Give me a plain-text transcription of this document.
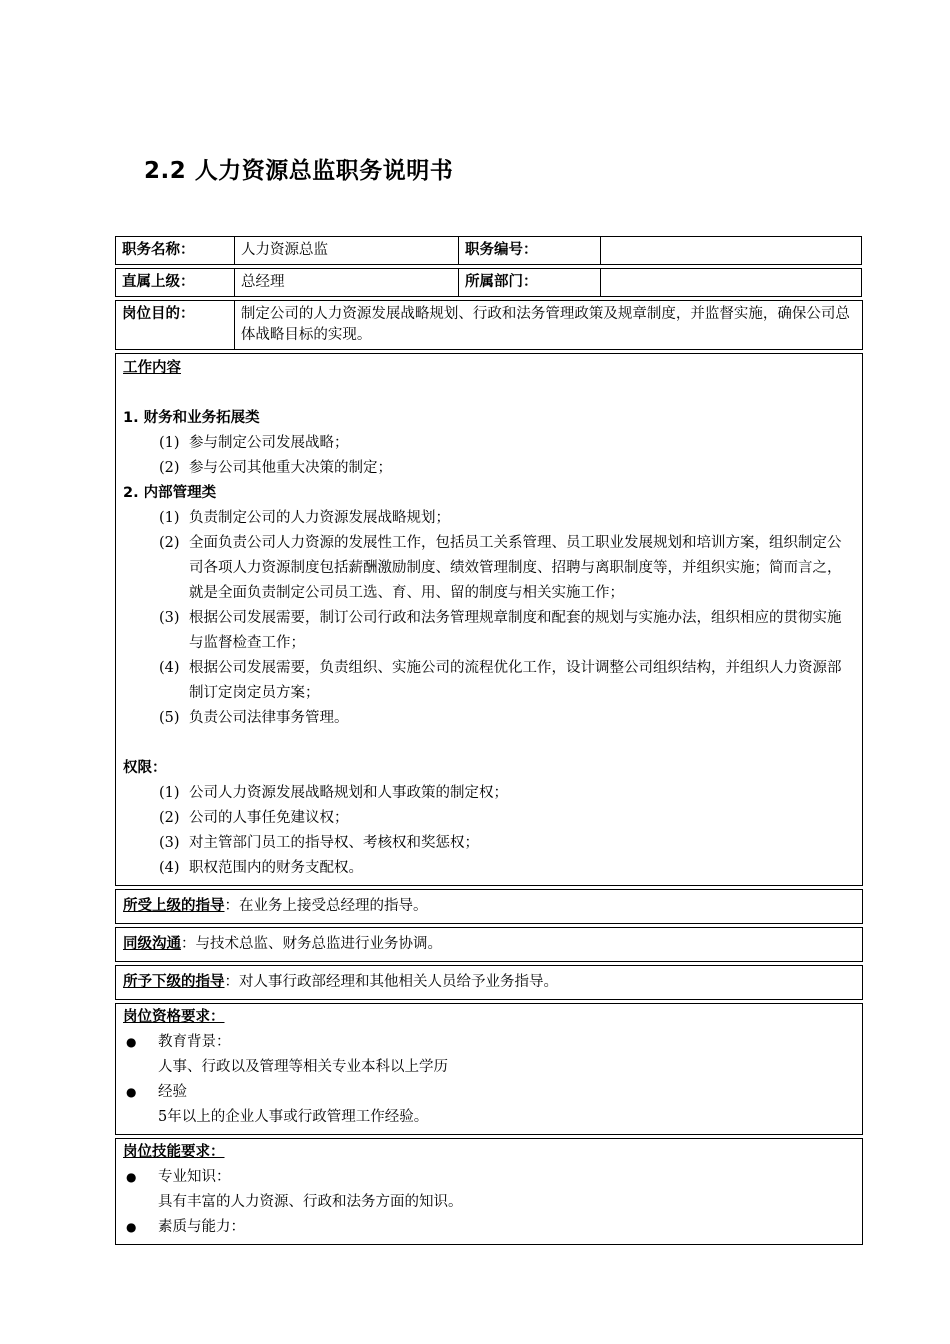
2.2 人力资源总监职务说明书
职务名称：	人力资源总监	职务编号：
直属上级：	总经理	所属部门：
岗位目的：	制定公司的人力资源发展战略规划、行政和法务管理政策及规章制度，并监督实施，确保公司总体战略目标的实现。
工作内容
1. 财务和业务拓展类
(1) 参与制定公司发展战略；
(2) 参与公司其他重大决策的制定；
2. 内部管理类
(1) 负责制定公司的人力资源发展战略规划；
(2) 全面负责公司人力资源的发展性工作，包括员工关系管理、员工职业发展规划和培训方案，组织制定公司各项人力资源制度包括薪酬激励制度、绩效管理制度、招聘与离职制度等，并组织实施；简而言之，就是全面负责制定公司员工选、育、用、留的制度与相关实施工作；
(3) 根据公司发展需要，制订公司行政和法务管理规章制度和配套的规划与实施办法，组织相应的贯彻实施与监督检查工作；
(4) 根据公司发展需要，负责组织、实施公司的流程优化工作，设计调整公司组织结构，并组织人力资源部制订定岗定员方案；
(5) 负责公司法律事务管理。
权限：
(1) 公司人力资源发展战略规划和人事政策的制定权；
(2) 公司的人事任免建议权；
(3) 对主管部门员工的指导权、考核权和奖惩权；
(4) 职权范围内的财务支配权。
所受上级的指导：在业务上接受总经理的指导。
同级沟通：与技术总监、财务总监进行业务协调。
所予下级的指导：对人事行政部经理和其他相关人员给予业务指导。
岗位资格要求：
● 教育背景：
人事、行政以及管理等相关专业本科以上学历
● 经验
5年以上的企业人事或行政管理工作经验。
岗位技能要求：
● 专业知识：
具有丰富的人力资源、行政和法务方面的知识。
● 素质与能力：
